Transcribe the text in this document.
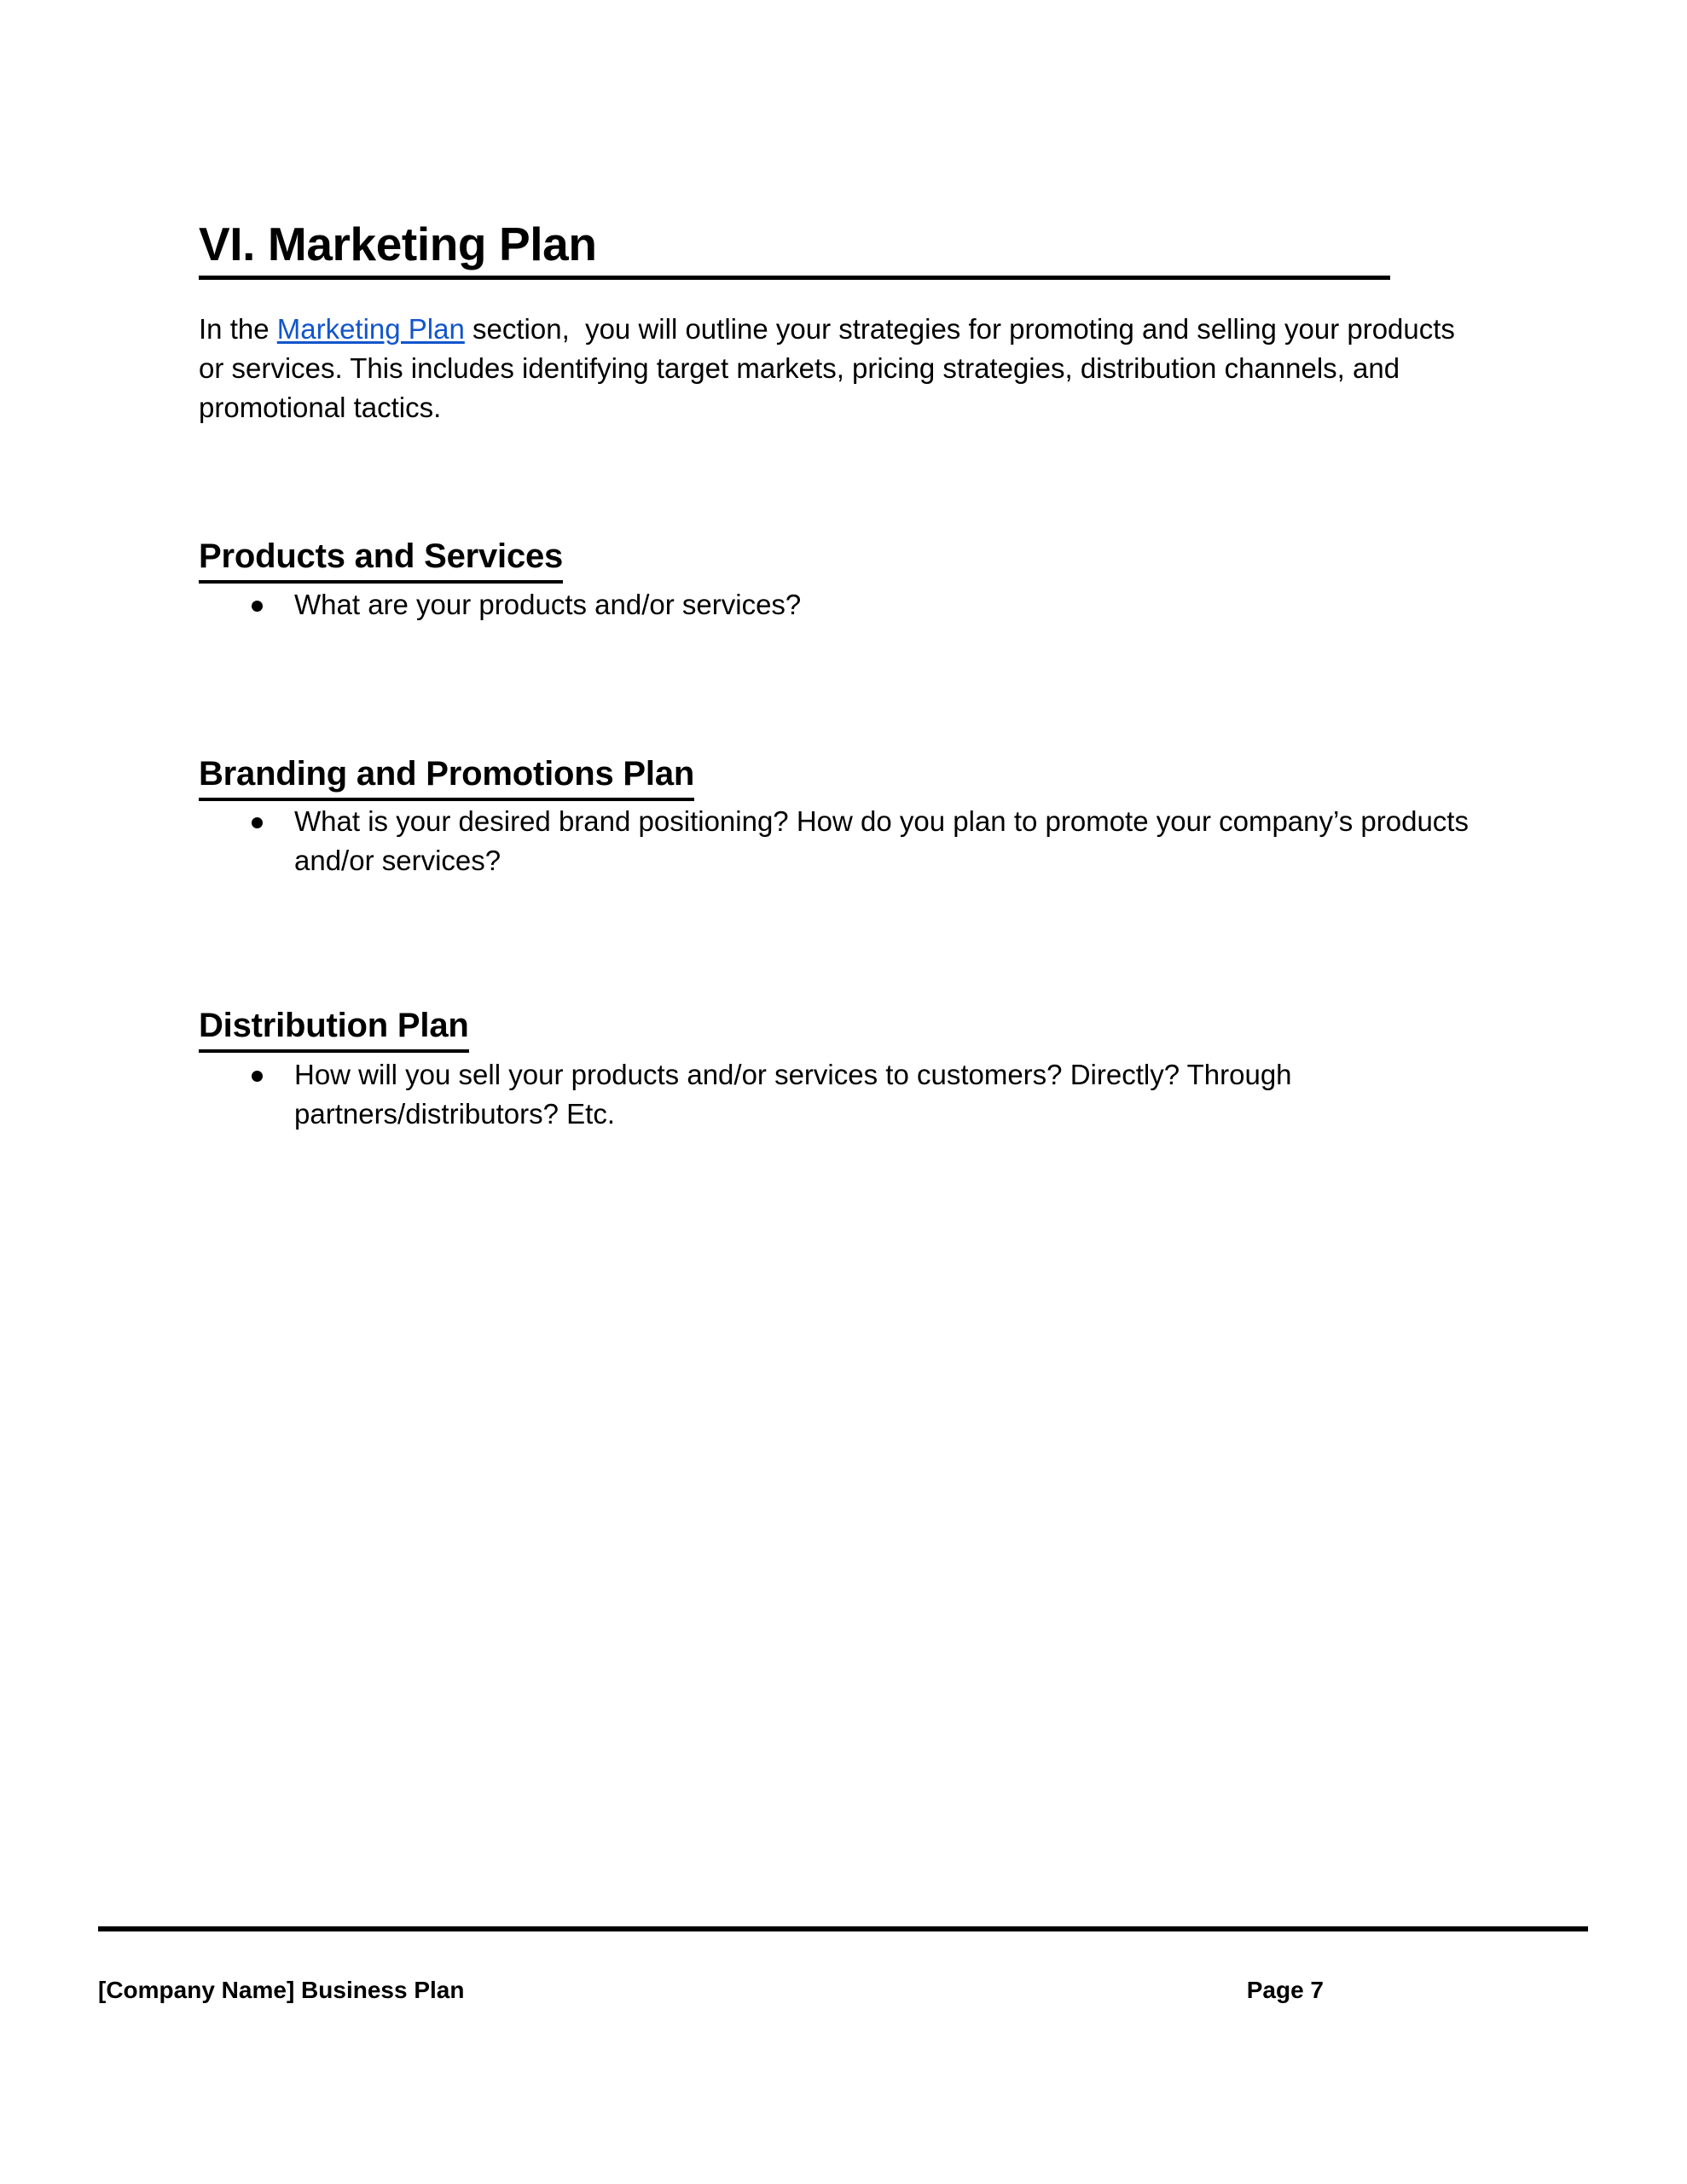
VI. Marketing Plan

In the Marketing Plan section,  you will outline your strategies for promoting and selling your products or services. This includes identifying target markets, pricing strategies, distribution channels, and promotional tactics.

Products and Services
What are your products and/or services?
Branding and Promotions Plan
What is your desired brand positioning? How do you plan to promote your company’s products and/or services?
Distribution Plan
How will you sell your products and/or services to customers? Directly? Through partners/distributors? Etc.
[Company Name] Business Plan	Page 7
